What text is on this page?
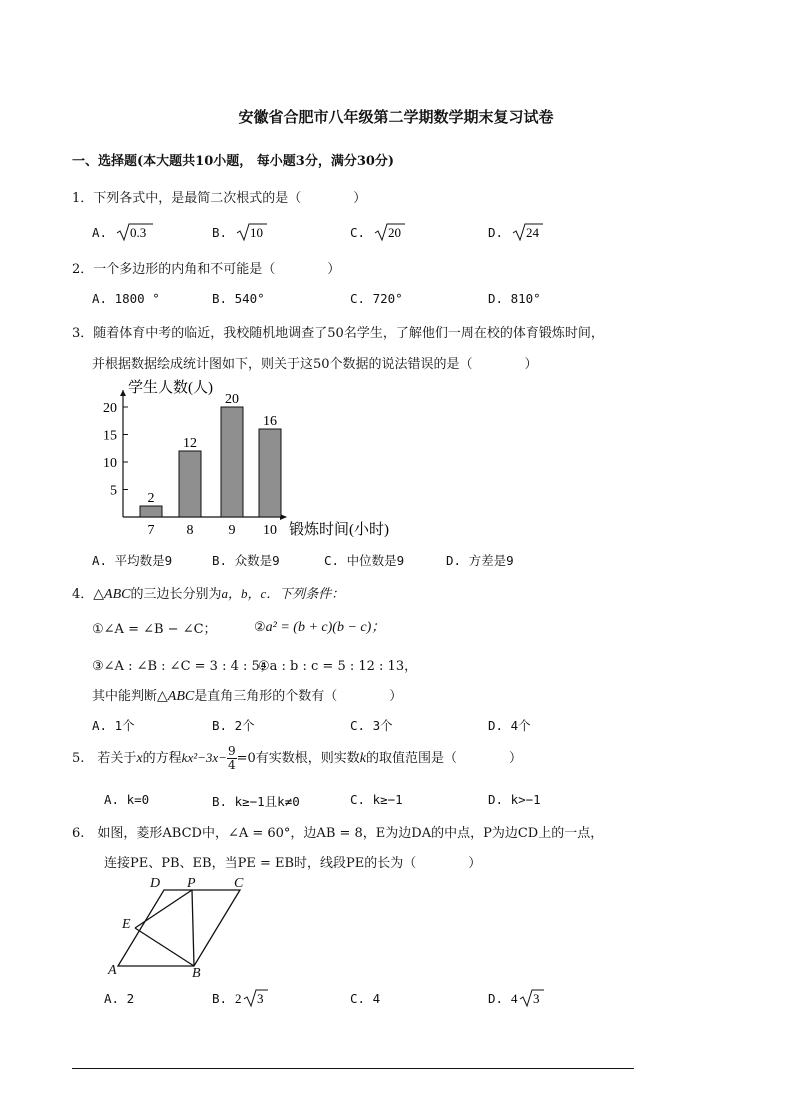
安徽省合肥市八年级第二学期数学期末复习试卷
一、选择题(本大题共10小题， 每小题3分，满分30分)
1．下列各式中，是最简二次根式的是（　　　　）
A. 0.3	B. 10	C. 20	D. 24
2．一个多边形的内角和不可能是（　　　　）
A. 1800 °	B. 540°	C. 720°	D. 810°
3．随着体育中考的临近，我校随机地调查了50名学生，了解他们一周在校的体育锻炼时间，
并根据数据绘成统计图如下，则关于这50个数据的说法错误的是（　　　　）
学生人数(人)
5
10
15
20
2
7
12
8
20
9
16
10 锻炼时间(小时)
A. 平均数是9	B. 众数是9	C. 中位数是9	D. 方差是9
4．△ABC的三边长分别为a，b，c．下列条件：
①∠A = ∠B − ∠C；	②a² = (b + c)(b − c)；
③∠A : ∠B : ∠C = 3 : 4 : 5；
④a : b : c = 5 : 12 : 13，
其中能判断△ABC是直角三角形的个数有（　　　　）
A. 1个	B. 2个	C. 3个	D. 4个
5.　 若关于x的方程$kx^2-3x- \frac{9}{4} =0$有实数根，则实数k的取值范围是（　　　　）
A. k=0	B. k≥−1且k≠0	C. k≥−1	D. k>−1
6.　如图，菱形ABCD中，∠A = 60°，边AB = 8，E为边DA的中点，P为边CD上的一点，
连接PE、PB、EB，当PE = EB时，线段PE的长为（　　　　）
D P	C
E
A	B
A. 2	B. 2 3	C. 4	D. 4 3
